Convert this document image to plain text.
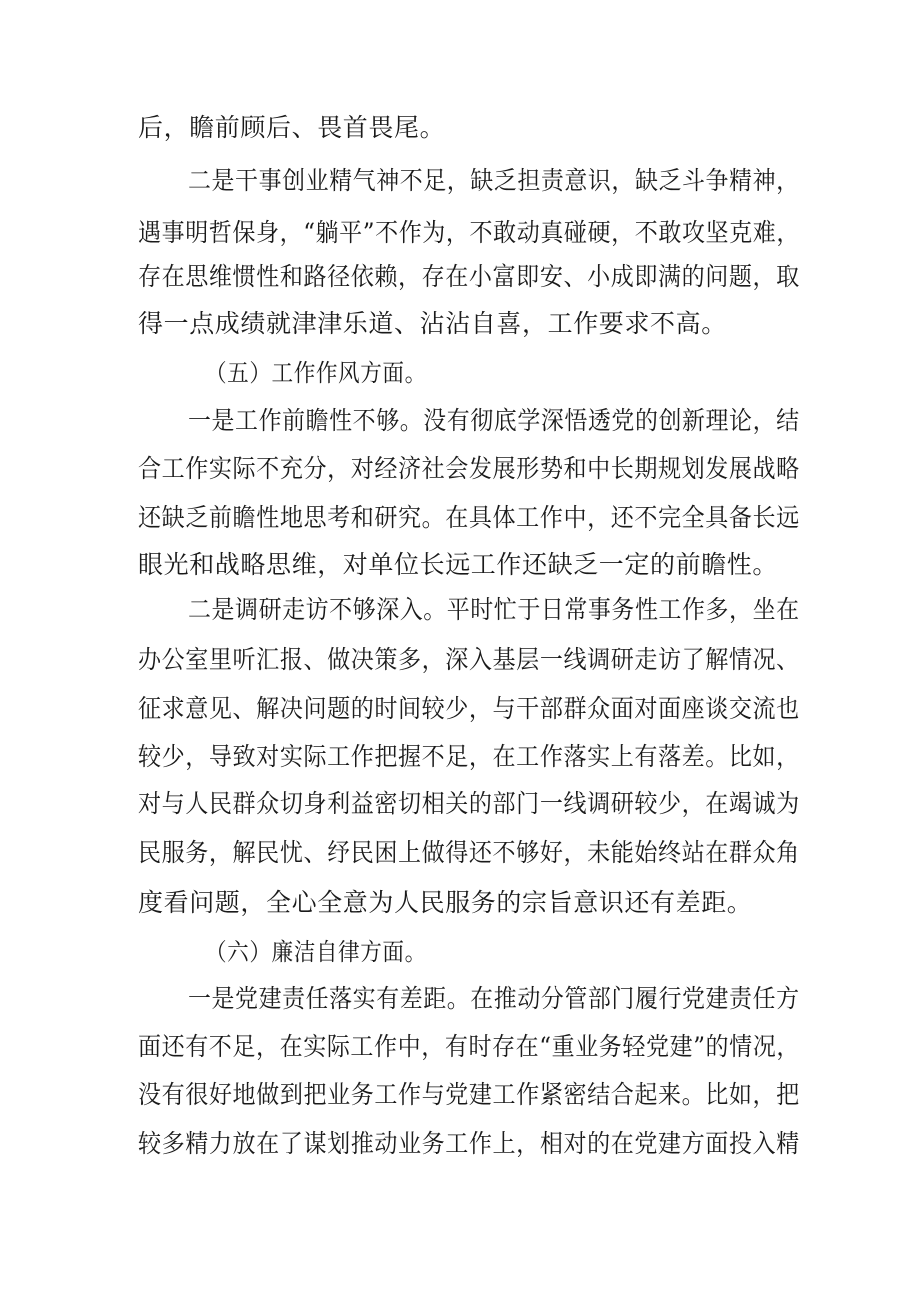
后，瞻前顾后、畏首畏尾。

二是干事创业精气神不足，缺乏担责意识，缺乏斗争精神，

遇事明哲保身，“躺平”不作为，不敢动真碰硬，不敢攻坚克难，

存在思维惯性和路径依赖，存在小富即安、小成即满的问题，取

得一点成绩就津津乐道、沾沾自喜，工作要求不高。

（五）工作作风方面。

一是工作前瞻性不够。没有彻底学深悟透党的创新理论，结

合工作实际不充分，对经济社会发展形势和中长期规划发展战略

还缺乏前瞻性地思考和研究。在具体工作中，还不完全具备长远

眼光和战略思维，对单位长远工作还缺乏一定的前瞻性。

二是调研走访不够深入。平时忙于日常事务性工作多，坐在

办公室里听汇报、做决策多，深入基层一线调研走访了解情况、

征求意见、解决问题的时间较少，与干部群众面对面座谈交流也

较少，导致对实际工作把握不足，在工作落实上有落差。比如，

对与人民群众切身利益密切相关的部门一线调研较少，在竭诚为

民服务，解民忧、纾民困上做得还不够好，未能始终站在群众角

度看问题，全心全意为人民服务的宗旨意识还有差距。

（六）廉洁自律方面。

一是党建责任落实有差距。在推动分管部门履行党建责任方

面还有不足，在实际工作中，有时存在“重业务轻党建”的情况，

没有很好地做到把业务工作与党建工作紧密结合起来。比如，把

较多精力放在了谋划推动业务工作上，相对的在党建方面投入精
